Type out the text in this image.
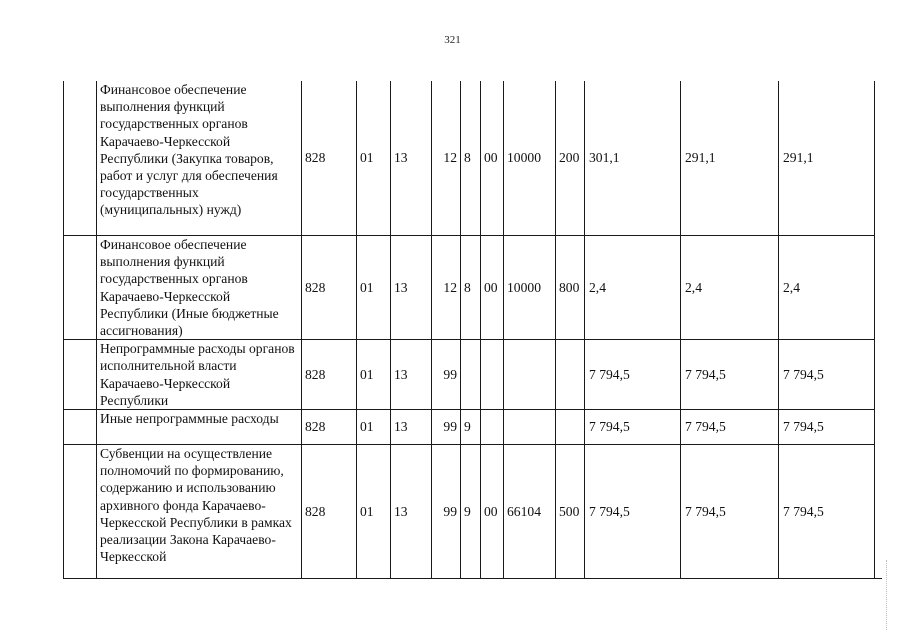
321
	Финансовое обеспечение выполнения функций государственных органов Карачаево-Черкесской Республики (Закупка товаров, работ и услуг для обеспечения государственных (муниципальных) нужд)	828	01	13	12	8	00	10000	200	301,1	291,1	291,1
	Финансовое обеспечение выполнения функций государственных органов Карачаево-Черкесской Республики (Иные бюджетные ассигнования)	828	01	13	12	8	00	10000	800	2,4	2,4	2,4
	Непрограммные расходы органов исполнительной власти Карачаево-Черкесской Республики	828	01	13	99					7 794,5	7 794,5	7 794,5
	Иные непрограммные расходы	828	01	13	99	9				7 794,5	7 794,5	7 794,5
	Субвенции на осуществление полномочий по формированию, содержанию и использованию архивного фонда Карачаево-Черкесской Республики в рамках реализации Закона Карачаево-Черкесской	828	01	13	99	9	00	66104	500	7 794,5	7 794,5	7 794,5
